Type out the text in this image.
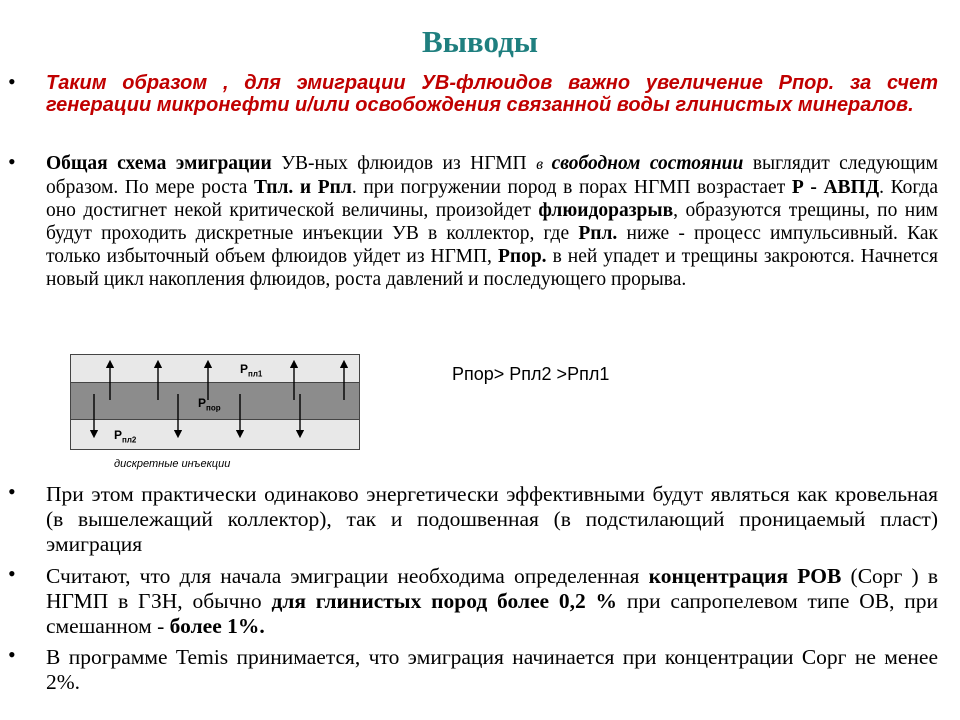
Выводы
• Таким образом , для эмиграции УВ-флюидов важно увеличение Рпор. за счет генерации микронефти и/или освобождения связанной воды глинистых минералов.
• Общая схема эмиграции УВ-ных флюидов из НГМП в свободном состоянии выглядит следующим образом. По мере роста Тпл. и Рпл. при погружении пород в порах НГМП возрастает Р - АВПД. Когда оно достигнет некой критической величины, произойдет флюидоразрыв, образуются трещины, по ним будут проходить дискретные инъекции УВ в коллектор, где Рпл. ниже - процесс импульсивный. Как только избыточный объем флюидов уйдет из НГМП, Рпор. в ней упадет и трещины закроются. Начнется новый цикл накопления флюидов, роста давлений и последующего прорыва.
$Р_{пл1}$
$Р_{пор}$
$Р_{пл2}$
дискретные инъекции
Рпор> Рпл2 >Рпл1
• При этом практически одинаково энергетически эффективными будут являться как кровельная (в вышележащий коллектор), так и подошвенная (в подстилающий проницаемый пласт) эмиграция
• Считают, что для начала эмиграции необходима определенная концентрация РОВ (Сорг ) в НГМП в ГЗН, обычно для глинистых пород более 0,2 % при сапропелевом типе ОВ, при смешанном - более 1%.
• В программе Temis принимается, что эмиграция начинается при концентрации Сорг не менее 2%.
